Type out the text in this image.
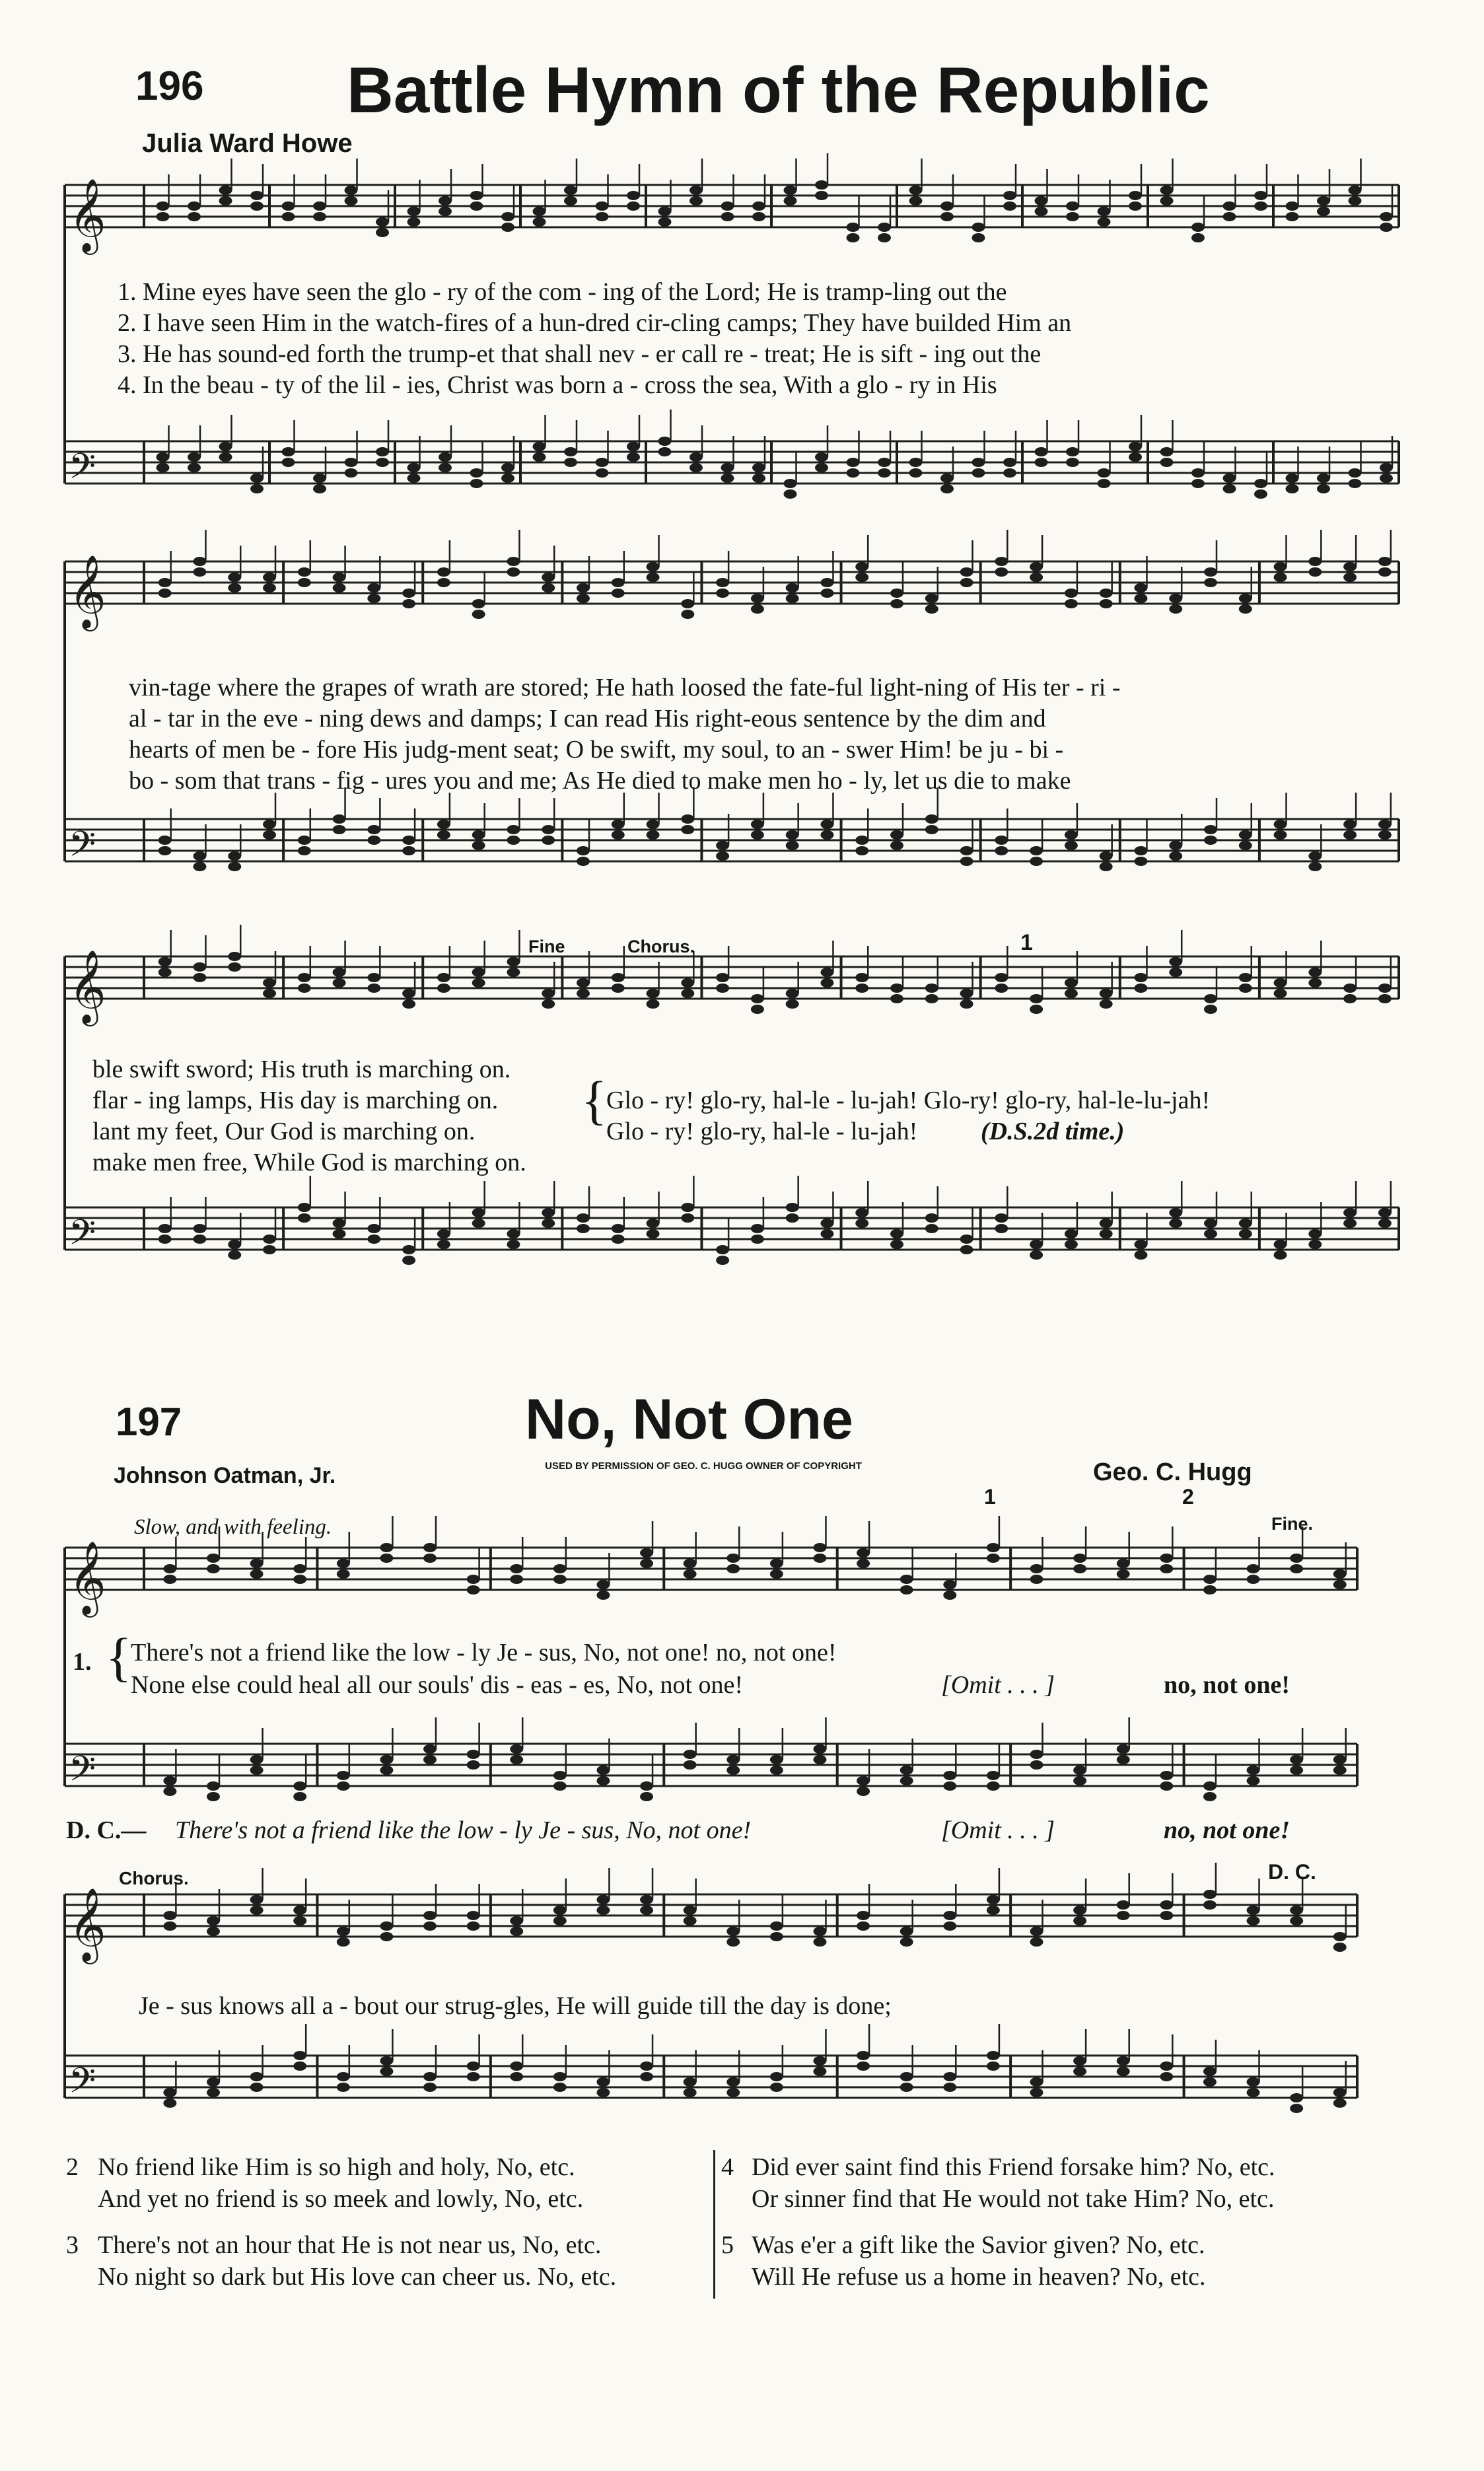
196 Battle Hymn of the Republic
Julia Ward Howe
𝄞
𝄢
𝄞
𝄢
𝄞
𝄢
𝄞
𝄢
𝄞
𝄢
1. Mine eyes have seen the glo - ry of the com - ing of the Lord; He is tramp-ling out the
2. I have seen Him in the watch-fires of a hun-dred cir-cling camps; They have builded Him an
3. He has sound-ed forth the trump-et that shall nev - er call re - treat; He is sift - ing out the
4. In the beau - ty of the lil - ies, Christ was born a - cross the sea, With a glo - ry in His
vin-tage where the grapes of wrath are stored; He hath loosed the fate-ful light-ning of His ter - ri -
al - tar in the eve - ning dews and damps; I can read His right-eous sentence by the dim and
hearts of men be - fore His judg-ment seat; O be swift, my soul, to an - swer Him! be ju - bi -
bo - som that trans - fig - ures you and me; As He died to make men ho - ly, let us die to make
Fine	Chorus.	1
ble swift sword; His truth is marching on.
flar - ing lamps, His day is marching on.
lant my feet, Our God is marching on.
make men free, While God is marching on.
{
Glo - ry! glo-ry, hal-le - lu-jah! Glo-ry! glo-ry, hal-le-lu-jah!
Glo - ry! glo-ry, hal-le - lu-jah!	(D.S.2d time.)
197	No, Not One
Johnson Oatman, Jr.	USED BY PERMISSION OF GEO. C. HUGG OWNER OF COPYRIGHT	Geo. C. Hugg
Slow, and with feeling.
1	2
Fine.
1. {
There's not a friend like the low - ly Je - sus, No, not one! no, not one!
None else could heal all our souls' dis - eas - es, No, not one!	[Omit . . . ]	no, not one!
D. C.— There's not a friend like the low - ly Je - sus, No, not one!	[Omit . . . ]	no, not one!
Chorus.	D. C.
Je - sus knows all a - bout our strug-gles, He will guide till the day is done;
2 No friend like Him is so high and holy, No, etc.
And yet no friend is so meek and lowly, No, etc.
3 There's not an hour that He is not near us, No, etc.
No night so dark but His love can cheer us. No, etc.
4 Did ever saint find this Friend forsake him? No, etc.
Or sinner find that He would not take Him? No, etc.
5 Was e'er a gift like the Savior given? No, etc.
Will He refuse us a home in heaven? No, etc.
